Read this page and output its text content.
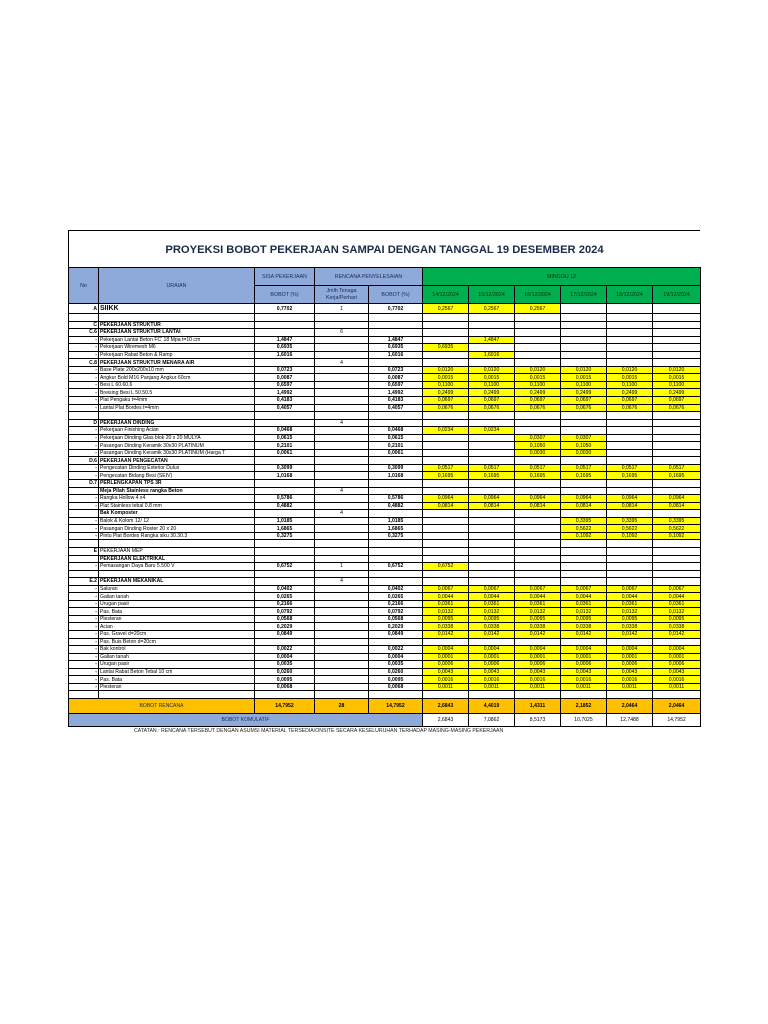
PROYEKSI BOBOT PEKERJAAN SAMPAI DENGAN TANGGAL 19 DESEMBER 2024
No	URAIAN	SISA PEKERJAAN	RENCANA PENYELESAIAN		MINGGU 12					
		BOBOT (%)	Jmlh Tenaga Kerja/Perhari	BOBOT (%)	14/12/2024	15/12/2024	16/12/2024	17/12/2024	18/12/2024	19/12/2024
A	SIIKK	0,7702	1	0,7702	0,2567	0,2567	0,2567			

C	PEKERJAAN STRUKTUR									
C.6	PEKERJAAN STRUKTUR LANTAI		6							
-	Pekerjaan Lantai Beton FC' 18 Mpa t=10 cm	1,4847		1,4847		1,4847				
-	Pekerjaan Wiremesh M6	0,6935		0,6935	0,6935					
-	Pekerjaan Rabat Beton & Ramp	1,6016		1,6016		1,6016				
C.8	PEKERJAAN STRUKTUR MENARA AIR		4							
-	Base Plate 200x200x10 mm	0,0723		0,0723	0,0120	0,0120	0,0120	0,0120	0,0120	0,0120
-	Angkur Bold M16 Panjang Angkur 60cm	0,0087		0,0087	0,0015	0,0015	0,0015	0,0015	0,0015	0,0015
-	Besi L 60.60.6	0,6597		0,6597	0,1100	0,1100	0,1100	0,1100	0,1100	0,1100
-	Breising Besi L 50.50.5	1,4992		1,4992	0,2499	0,2499	0,2499	0,2499	0,2499	0,2499
-	Plat Pengaku t=4mm	0,4183		0,4183	0,0697	0,0697	0,0697	0,0697	0,0697	0,0697
-	Lantai Plat Bordes t=4mm	0,4057		0,4057	0,0676	0,0676	0,0676	0,0676	0,0676	0,0676

D	PEKERJAAN DINDING		4							
-	Pekerjaan Finishing Acian	0,0468		0,0468	0,0234	0,0234				
-	Pekerjaan Dinding Glas blok 20 x 20 MULYA	0,0615		0,0615			0,0307	0,0307		
-	Pasangan Dinding Keramik 30x30 PLATINUM	0,2101		0,2101			0,1050	0,1050		
-	Pasangan Dinding Keramik 30x30 PLATINUM (Harga T	0,0061		0,0061			0,0030	0,0030		
D.6	PEKERJAAN PENGECATAN									
-	Pengecatan Dinding Exterior Dulux	0,3099		0,3099	0,0517	0,0517	0,0517	0,0517	0,0517	0,0517
-	Pengecatan Bidang Besi (SEIV)	1,0168		1,0168	0,1695	0,1695	0,1695	0,1695	0,1695	0,1695
D.7	PERLENGKAPAN TPS 3R									
	Meja Pilah Stainless rangka Beton		4							
-	Rangka Hollow 4 x4	0,5786		0,5786	0,0964	0,0964	0,0964	0,0964	0,0964	0,0964
-	Plat Stainless tebal 0.8 mm	0,4882		0,4882	0,0814	0,0814	0,0814	0,0814	0,0814	0,0814
	Bak Komposter		4							
-	Balok & Kolom 12/ 12	1,0185		1,0185				0,3395	0,3395	0,3395
-	Pasangan Dinding Roster 20 x 20	1,6865		1,6865				0,5622	0,5622	0,5622
-	Pintu Plat Bordes Rangka siku 30.30.3	0,3275		0,3275				0,1092	0,1092	0,1092

E	PEKERJAAN MEP									
	PEKERJAAN ELEKTRIKAL									
-	Pemasangan Daya Baru 5.500 V	0,6752	1	0,6752	0,6752					

E.2	PEKERJAAN MEKANIKAL		4							
-	Saluran	0,0402		0,0402	0,0067	0,0067	0,0067	0,0067	0,0067	0,0067
-	Galian tanah	0,0265		0,0265	0,0044	0,0044	0,0044	0,0044	0,0044	0,0044
-	Urugan pasir	0,2166		0,2166	0,0361	0,0361	0,0361	0,0361	0,0361	0,0361
-	Pas. Bata	0,0792		0,0792	0,0132	0,0132	0,0132	0,0132	0,0132	0,0132
-	Plesteran	0,0568		0,0568	0,0095	0,0095	0,0095	0,0095	0,0095	0,0095
-	Acian	0,2029		0,2029	0,0338	0,0338	0,0338	0,0338	0,0338	0,0338
-	Pas. Gravel d=20cm	0,0849		0,0849	0,0142	0,0142	0,0142	0,0142	0,0142	0,0142
-	Pas. Buis Beton d=20cm									
-	Bak kontrol	0,0022		0,0022	0,0004	0,0004	0,0004	0,0004	0,0004	0,0004
-	Galian tanah	0,0004		0,0004	0,0001	0,0001	0,0001	0,0001	0,0001	0,0001
-	Urugan pasir	0,0035		0,0035	0,0006	0,0006	0,0006	0,0006	0,0006	0,0006
-	Lantai Rabat Beton Tebal 10 cm	0,0260		0,0260	0,0043	0,0043	0,0043	0,0043	0,0043	0,0043
-	Pas. Bata	0,0095		0,0095	0,0016	0,0016	0,0016	0,0016	0,0016	0,0016
-	Plesteran	0,0068		0,0068	0,0011	0,0011	0,0011	0,0011	0,0011	0,0011

BOBOT RENCANA		14,7952	28	14,7952	2,6843	4,4019	1,4311	2,1852	2,0464	2,0464
BOBOT KOMULATIF					2,6843	7,0862	8,5173	10,7025	12,7488	14,7952
CATATAN : RENCANA TERSEBUT DENGAN ASUMSI MATERIAL TERSEDIA/ONSITE SECARA KESELURUHAN TERHADAP MASING-MASING PEKERJAAN
